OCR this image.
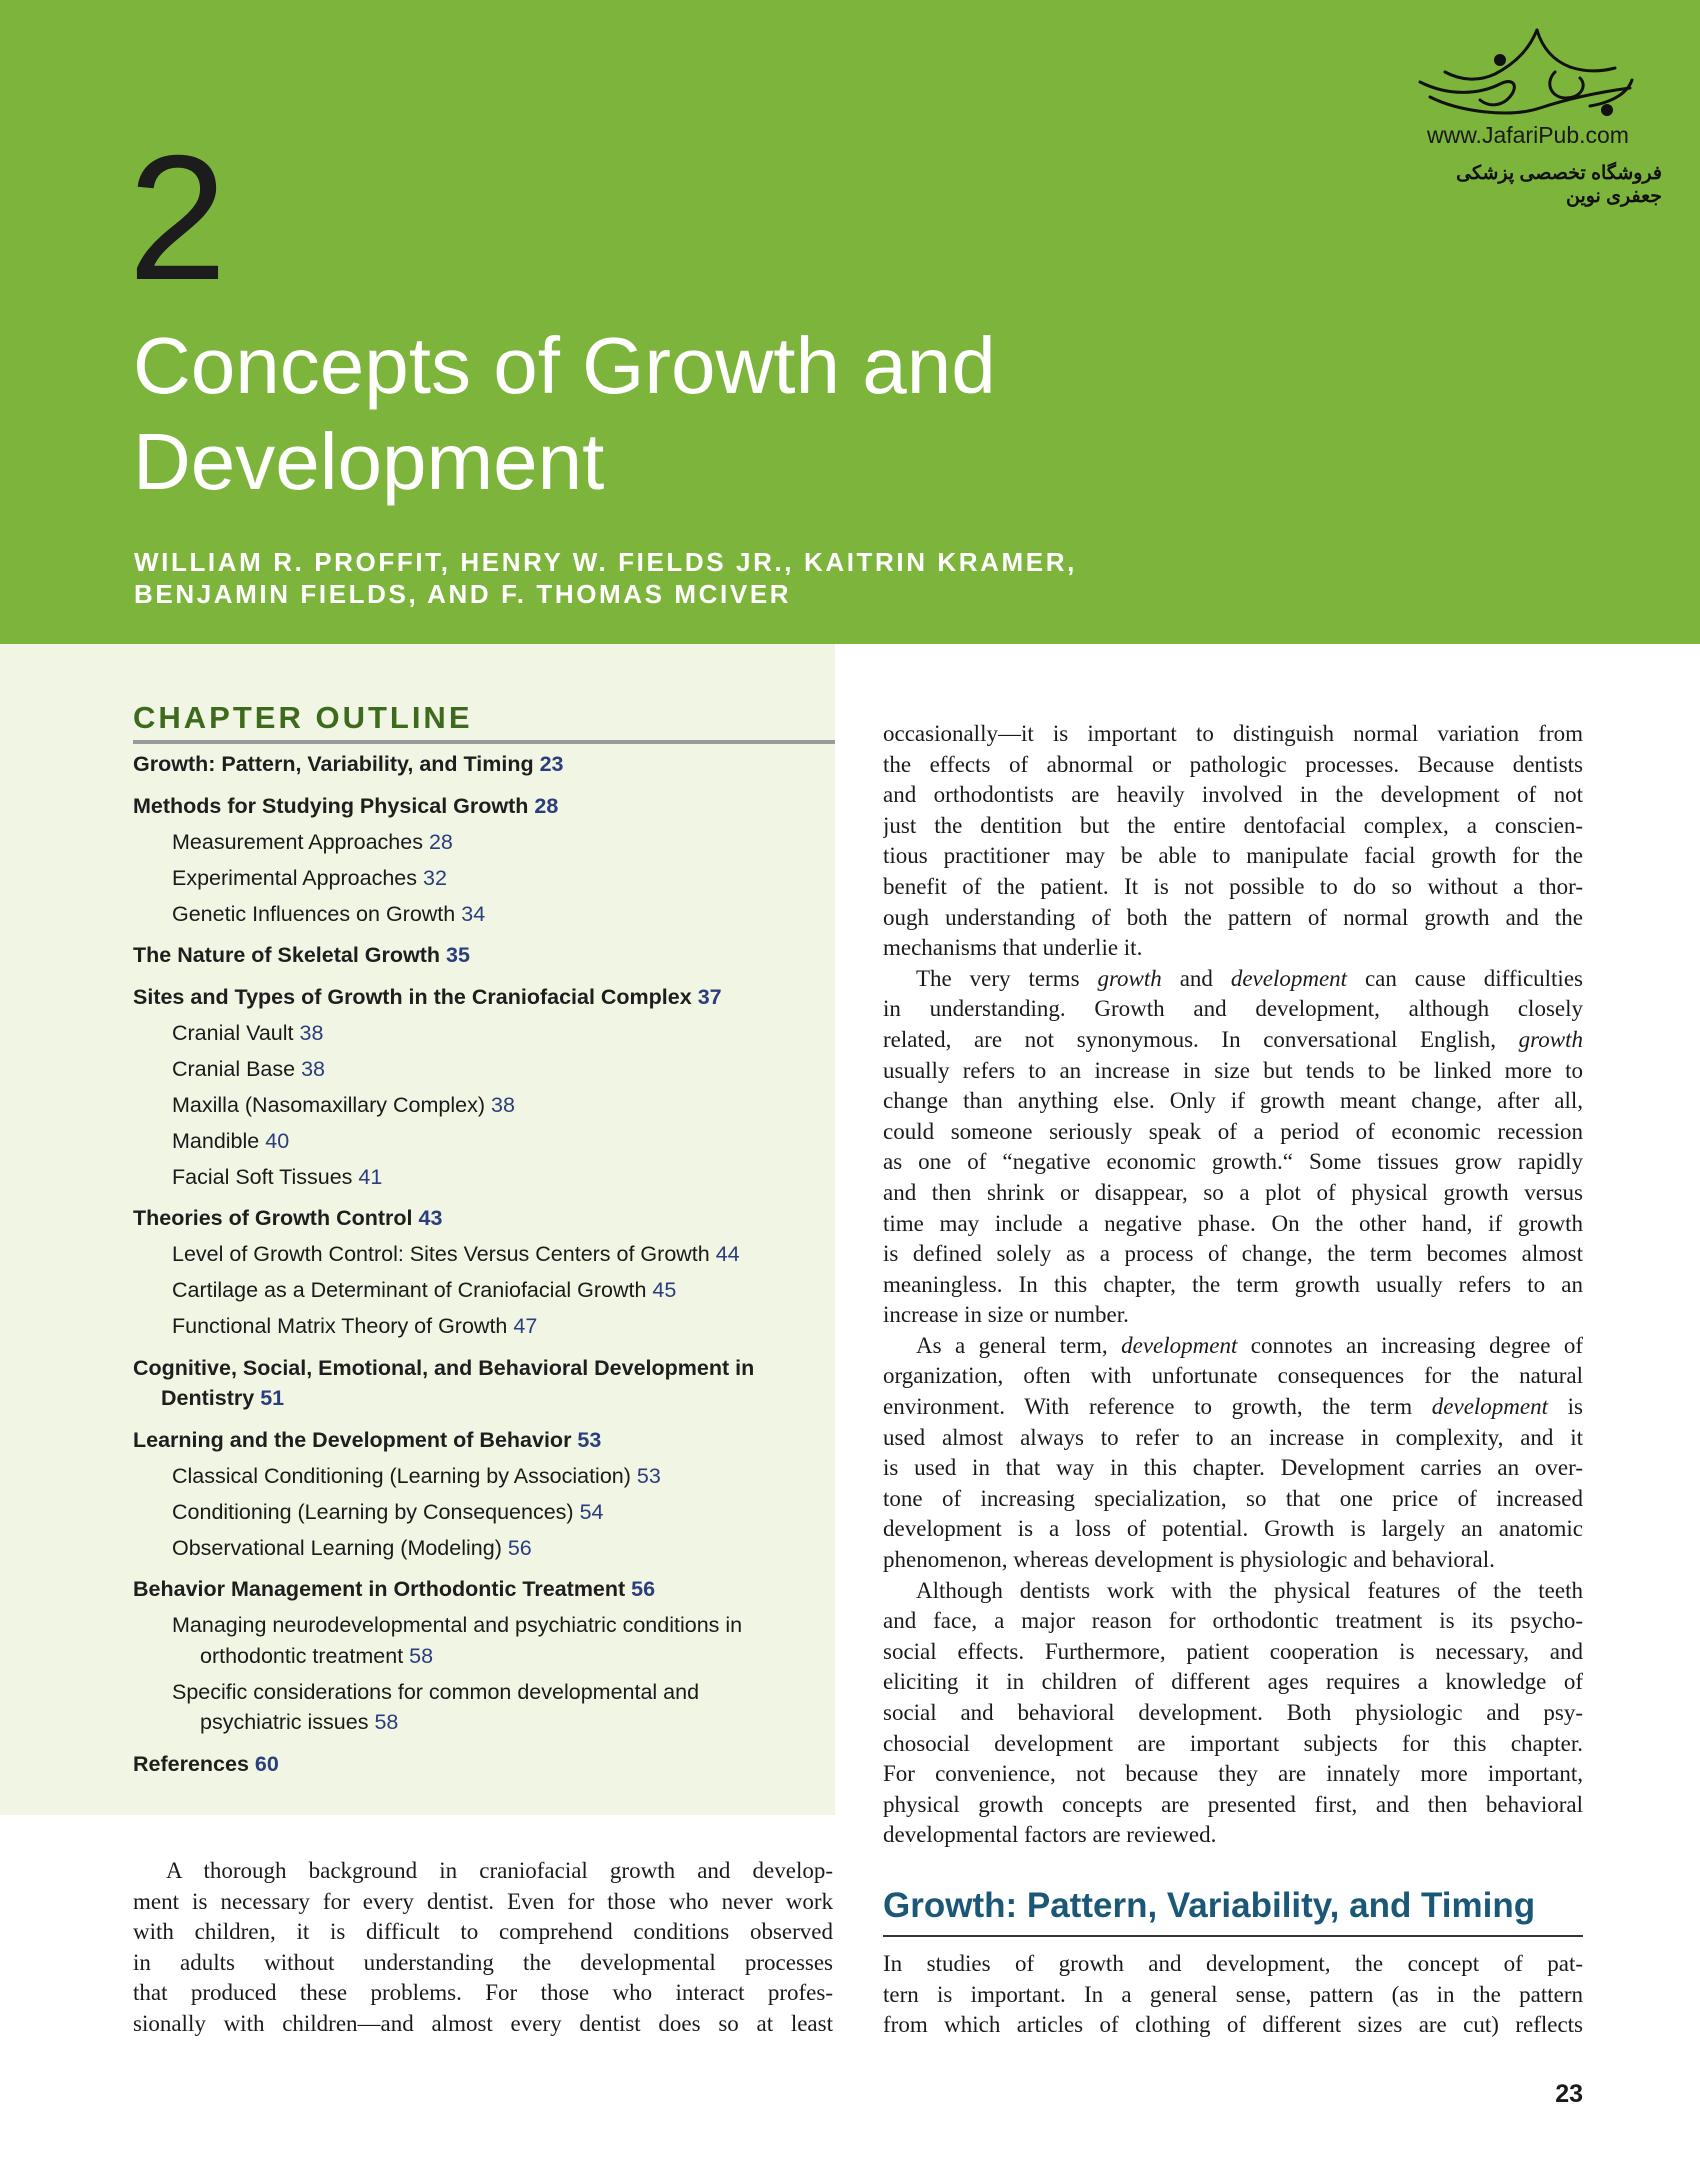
2
Concepts of Growth and
Development
WILLIAM R. PROFFIT, HENRY W. FIELDS JR., KAITRIN KRAMER,
BENJAMIN FIELDS, AND F. THOMAS MCIVER
www.JafariPub.com
فروشگاه تخصصی پزشکی جعفری نوین
CHAPTER OUTLINE
Growth: Pattern, Variability, and Timing 23
Methods for Studying Physical Growth 28
Measurement Approaches 28
Experimental Approaches 32
Genetic Influences on Growth 34
The Nature of Skeletal Growth 35
Sites and Types of Growth in the Craniofacial Complex 37
Cranial Vault 38
Cranial Base 38
Maxilla (Nasomaxillary Complex) 38
Mandible 40
Facial Soft Tissues 41
Theories of Growth Control 43
Level of Growth Control: Sites Versus Centers of Growth 44
Cartilage as a Determinant of Craniofacial Growth 45
Functional Matrix Theory of Growth 47
Cognitive, Social, Emotional, and Behavioral Development in
Dentistry 51
Learning and the Development of Behavior 53
Classical Conditioning (Learning by Association) 53
Conditioning (Learning by Consequences) 54
Observational Learning (Modeling) 56
Behavior Management in Orthodontic Treatment 56
Managing neurodevelopmental and psychiatric conditions in
orthodontic treatment 58
Specific considerations for common developmental and
psychiatric issues 58
References 60
A thorough background in craniofacial growth and develop-
ment is necessary for every dentist. Even for those who never work
with children, it is difficult to comprehend conditions observed
in adults without understanding the developmental processes
that produced these problems. For those who interact profes-
sionally with children—and almost every dentist does so at least
occasionally—it is important to distinguish normal variation from
the effects of abnormal or pathologic processes. Because dentists
and orthodontists are heavily involved in the development of not
just the dentition but the entire dentofacial complex, a conscien-
tious practitioner may be able to manipulate facial growth for the
benefit of the patient. It is not possible to do so without a thor-
ough understanding of both the pattern of normal growth and the
mechanisms that underlie it.
The very terms growth and development can cause difficulties
in understanding. Growth and development, although closely
related, are not synonymous. In conversational English, growth
usually refers to an increase in size but tends to be linked more to
change than anything else. Only if growth meant change, after all,
could someone seriously speak of a period of economic recession
as one of “negative economic growth.“ Some tissues grow rapidly
and then shrink or disappear, so a plot of physical growth versus
time may include a negative phase. On the other hand, if growth
is defined solely as a process of change, the term becomes almost
meaningless. In this chapter, the term growth usually refers to an
increase in size or number.
As a general term, development connotes an increasing degree of
organization, often with unfortunate consequences for the natural
environment. With reference to growth, the term development is
used almost always to refer to an increase in complexity, and it
is used in that way in this chapter. Development carries an over-
tone of increasing specialization, so that one price of increased
development is a loss of potential. Growth is largely an anatomic
phenomenon, whereas development is physiologic and behavioral.
Although dentists work with the physical features of the teeth
and face, a major reason for orthodontic treatment is its psycho-
social effects. Furthermore, patient cooperation is necessary, and
eliciting it in children of different ages requires a knowledge of
social and behavioral development. Both physiologic and psy-
chosocial development are important subjects for this chapter.
For convenience, not because they are innately more important,
physical growth concepts are presented first, and then behavioral
developmental factors are reviewed.
Growth: Pattern, Variability, and Timing
In studies of growth and development, the concept of pat-
tern is important. In a general sense, pattern (as in the pattern
from which articles of clothing of different sizes are cut) reflects
23
